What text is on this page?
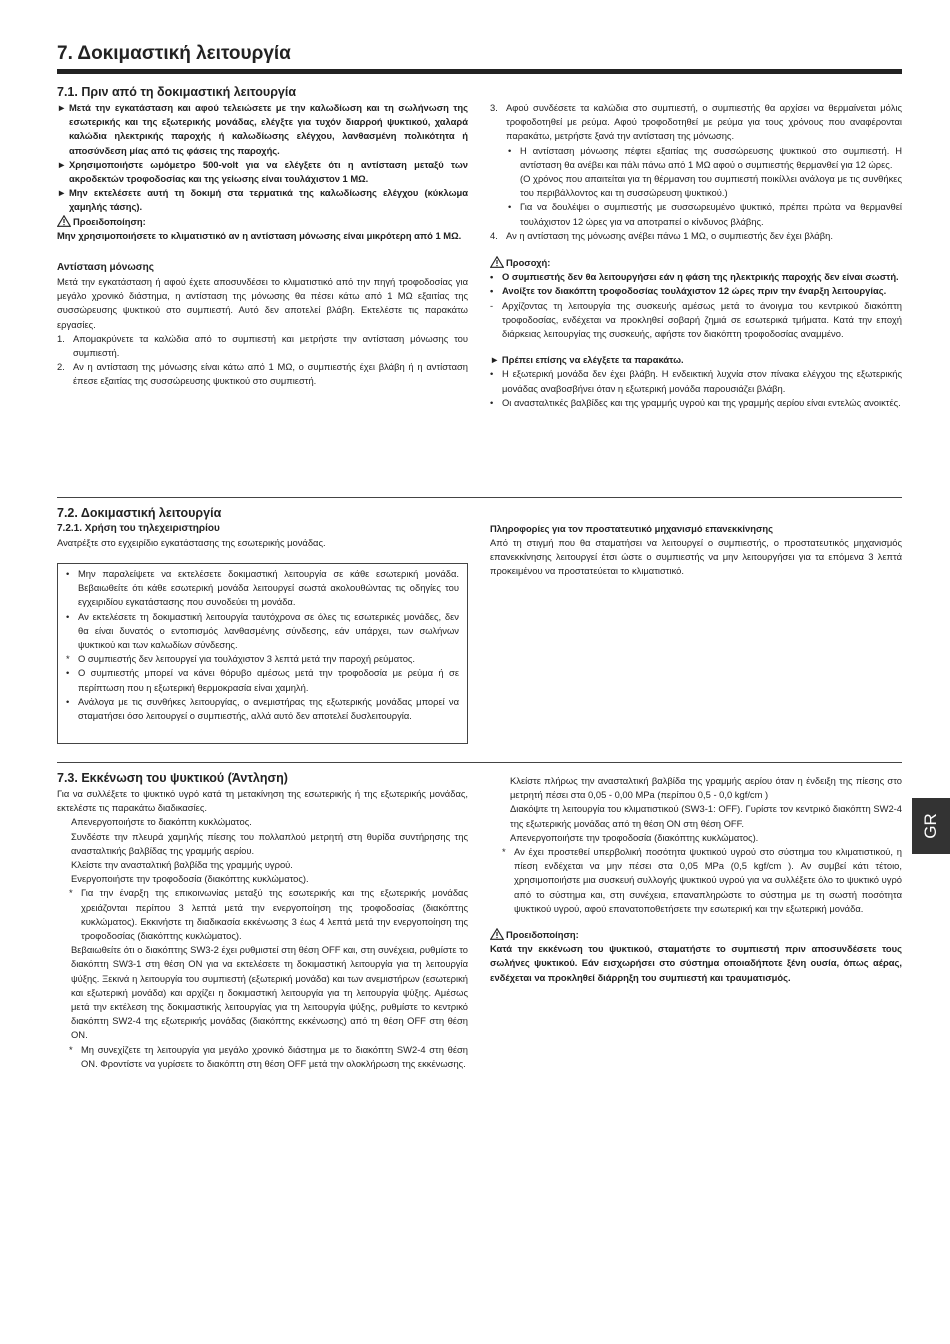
7. Δοκιμαστική λειτουργία
7.1. Πριν από τη δοκιμαστική λειτουργία
► Μετά την εγκατάσταση και αφού τελειώσετε με την καλωδίωση και τη σωλήνωση της εσωτερικής και της εξωτερικής μονάδας, ελέγξτε για τυχόν διαρροή ψυκτικού, χαλαρά καλώδια ηλεκτρικής παροχής ή καλωδίωσης ελέγχου, λανθασμένη πολικότητα ή αποσύνδεση μίας από τις φάσεις της παροχής.
► Χρησιμοποιήστε ωμόμετρο 500-volt για να ελέγξετε ότι η αντίσταση μεταξύ των ακροδεκτών τροφοδοσίας και της γείωσης είναι τουλάχιστον 1 MΩ.
► Μην εκτελέσετε αυτή τη δοκιμή στα τερματικά της καλωδίωσης ελέγχου (κύκλωμα χαμηλής τάσης).
Προειδοποίηση:

Μην χρησιμοποιήσετε το κλιματιστικό αν η αντίσταση μόνωσης είναι μικρότερη από 1 MΩ.

Αντίσταση μόνωσης

Μετά την εγκατάσταση ή αφού έχετε αποσυνδέσει το κλιματιστικό από την πηγή τροφοδοσίας για μεγάλο χρονικό διάστημα, η αντίσταση της μόνωσης θα πέσει κάτω από 1 MΩ εξαιτίας της συσσώρευσης ψυκτικού στο συμπιεστή. Αυτό δεν αποτελεί βλάβη. Εκτελέστε τις παρακάτω εργασίες.

1. Απομακρύνετε τα καλώδια από το συμπιεστή και μετρήστε την αντίσταση μόνωσης του συμπιεστή.
2. Αν η αντίσταση της μόνωσης είναι κάτω από 1 MΩ, ο συμπιεστής έχει βλάβη ή η αντίσταση έπεσε εξαιτίας της συσσώρευσης ψυκτικού στο συμπιεστή.
3. Αφού συνδέσετε τα καλώδια στο συμπιεστή, ο συμπιεστής θα αρχίσει να θερμαίνεται μόλις τροφοδοτηθεί με ρεύμα. Αφού τροφοδοτηθεί με ρεύμα για τους χρόνους που αναφέρονται παρακάτω, μετρήστε ξανά την αντίσταση της μόνωσης.
• Η αντίσταση μόνωσης πέφτει εξαιτίας της συσσώρευσης ψυκτικού στο συμπιεστή. Η αντίσταση θα ανέβει και πάλι πάνω από 1 MΩ αφού ο συμπιεστής θερμανθεί για 12 ώρες.

(Ο χρόνος που απαιτείται για τη θέρμανση του συμπιεστή ποικίλλει ανάλογα με τις συνθήκες του περιβάλλοντος και τη συσσώρευση ψυκτικού.)

• Για να δουλέψει ο συμπιεστής με συσσωρευμένο ψυκτικό, πρέπει πρώτα να θερμανθεί τουλάχιστον 12 ώρες για να αποτραπεί ο κίνδυνος βλάβης.
4. Αν η αντίσταση της μόνωσης ανέβει πάνω 1 MΩ, ο συμπιεστής δεν έχει βλάβη.
Προσοχή:
• Ο συμπιεστής δεν θα λειτουργήσει εάν η φάση της ηλεκτρικής παροχής δεν είναι σωστή.
• Ανοίξτε τον διακόπτη τροφοδοσίας τουλάχιστον 12 ώρες πριν την έναρξη λειτουργίας.
- Αρχίζοντας τη λειτουργία της συσκευής αμέσως μετά το άνοιγμα του κεντρικού διακόπτη τροφοδοσίας, ενδέχεται να προκληθεί σοβαρή ζημιά σε εσωτερικά τμήματα. Κατά την εποχή διάρκειας λειτουργίας της συσκευής, αφήστε τον διακόπτη τροφοδοσίας αναμμένο.
► Πρέπει επίσης να ελέγξετε τα παρακάτω.
• Η εξωτερική μονάδα δεν έχει βλάβη. Η ενδεικτική λυχνία στον πίνακα ελέγχου της εξωτερικής μονάδας αναβοσβήνει όταν η εξωτερική μονάδα παρουσιάζει βλάβη.
• Οι ανασταλτικές βαλβίδες και της γραμμής υγρού και της γραμμής αερίου είναι εντελώς ανοικτές.
7.2. Δοκιμαστική λειτουργία
7.2.1. Χρήση του τηλεχειριστηρίου

Ανατρέξτε στο εγχειρίδιο εγκατάστασης της εσωτερικής μονάδας.

• Μην παραλείψετε να εκτελέσετε δοκιμαστική λειτουργία σε κάθε εσωτερική μονάδα. Βεβαιωθείτε ότι κάθε εσωτερική μονάδα λειτουργεί σωστά ακολουθώντας τις οδηγίες του εγχειριδίου εγκατάστασης που συνοδεύει τη μονάδα.
• Αν εκτελέσετε τη δοκιμαστική λειτουργία ταυτόχρονα σε όλες τις εσωτερικές μονάδες, δεν θα είναι δυνατός ο εντοπισμός λανθασμένης σύνδεσης, εάν υπάρχει, των σωλήνων ψυκτικού και των καλωδίων σύνδεσης.
* Ο συμπιεστής δεν λειτουργεί για τουλάχιστον 3 λεπτά μετά την παροχή ρεύματος.
• Ο συμπιεστής μπορεί να κάνει θόρυβο αμέσως μετά την τροφοδοσία με ρεύμα ή σε περίπτωση που η εξωτερική θερμοκρασία είναι χαμηλή.
• Ανάλογα με τις συνθήκες λειτουργίας, ο ανεμιστήρας της εξωτερικής μονάδας μπορεί να σταματήσει όσο λειτουργεί ο συμπιεστής, αλλά αυτό δεν αποτελεί δυσλειτουργία.
Πληροφορίες για τον προστατευτικό μηχανισμό επανεκκίνησης

Από τη στιγμή που θα σταματήσει να λειτουργεί ο συμπιεστής, ο προστατευτικός μηχανισμός επανεκκίνησης λειτουργεί έτσι ώστε ο συμπιεστής να μην λειτουργήσει για τα επόμενα 3 λεπτά προκειμένου να προστατεύεται το κλιματιστικό.

7.3. Εκκένωση του ψυκτικού (Άντληση)

Για να συλλέξετε το ψυκτικό υγρό κατά τη μετακίνηση της εσωτερικής ή της εξωτερικής μονάδας, εκτελέστε τις παρακάτω διαδικασίες.

Απενεργοποιήστε το διακόπτη κυκλώματος.

Συνδέστε την πλευρά χαμηλής πίεσης του πολλαπλού μετρητή στη θυρίδα συντήρησης της ανασταλτικής βαλβίδας της γραμμής αερίου.

Κλείστε την ανασταλτική βαλβίδα της γραμμής υγρού.

Ενεργοποιήστε την τροφοδοσία (διακόπτης κυκλώματος).

* Για την έναρξη της επικοινωνίας μεταξύ της εσωτερικής και της εξωτερικής μονάδας χρειάζονται περίπου 3 λεπτά μετά την ενεργοποίηση της τροφοδοσίας (διακόπτης κυκλώματος). Εκκινήστε τη διαδικασία εκκένωσης 3 έως 4 λεπτά μετά την ενεργοποίηση της τροφοδοσίας (διακόπτης κυκλώματος).

Βεβαιωθείτε ότι ο διακόπτης SW3-2 έχει ρυθμιστεί στη θέση OFF και, στη συνέχεια, ρυθμίστε το διακόπτη SW3-1 στη θέση ON για να εκτελέσετε τη δοκιμαστική λειτουργία για τη λειτουργία ψύξης. Ξεκινά η λειτουργία του συμπιεστή (εξωτερική μονάδα) και των ανεμιστήρων (εσωτερική και εξωτερική μονάδα) και αρχίζει η δοκιμαστική λειτουργία για τη λειτουργία ψύξης. Αμέσως μετά την εκτέλεση της δοκιμαστικής λειτουργίας για τη λειτουργία ψύξης, ρυθμίστε το κεντρικό διακόπτη SW2-4 της εξωτερικής μονάδας (διακόπτης εκκένωσης) από τη θέση OFF στη θέση ON.

* Μη συνεχίζετε τη λειτουργία για μεγάλο χρονικό διάστημα με το διακόπτη SW2-4 στη θέση ON. Φροντίστε να γυρίσετε το διακόπτη στη θέση OFF μετά την ολοκλήρωση της εκκένωσης.

Κλείστε πλήρως την ανασταλτική βαλβίδα της γραμμής αερίου όταν η ένδειξη της πίεσης στο μετρητή πέσει στα 0,05 - 0,00 MPa (περίπου 0,5 - 0,0 kgf/cm )

Διακόψτε τη λειτουργία του κλιματιστικού (SW3-1: OFF). Γυρίστε τον κεντρικό διακόπτη SW2-4 της εξωτερικής μονάδας από τη θέση ON στη θέση OFF.

Απενεργοποιήστε την τροφοδοσία (διακόπτης κυκλώματος).

* Αν έχει προστεθεί υπερβολική ποσότητα ψυκτικού υγρού στο σύστημα του κλιματιστικού, η πίεση ενδέχεται να μην πέσει στα 0,05 MPa (0,5 kgf/cm ). Αν συμβεί κάτι τέτοιο, χρησιμοποιήστε μια συσκευή συλλογής ψυκτικού υγρού για να συλλέξετε όλο το ψυκτικό υγρό από το σύστημα και, στη συνέχεια, επαναπληρώστε το σύστημα με τη σωστή ποσότητα ψυκτικού υγρού, αφού επανατοποθετήσετε την εσωτερική και την εξωτερική μονάδα.
Προειδοποίηση:

Κατά την εκκένωση του ψυκτικού, σταματήστε το συμπιεστή πριν αποσυνδέσετε τους σωλήνες ψυκτικού. Εάν εισχωρήσει στο σύστημα οποιαδήποτε ξένη ουσία, όπως αέρας, ενδέχεται να προκληθεί διάρρηξη του συμπιεστή και τραυματισμός.

GR
